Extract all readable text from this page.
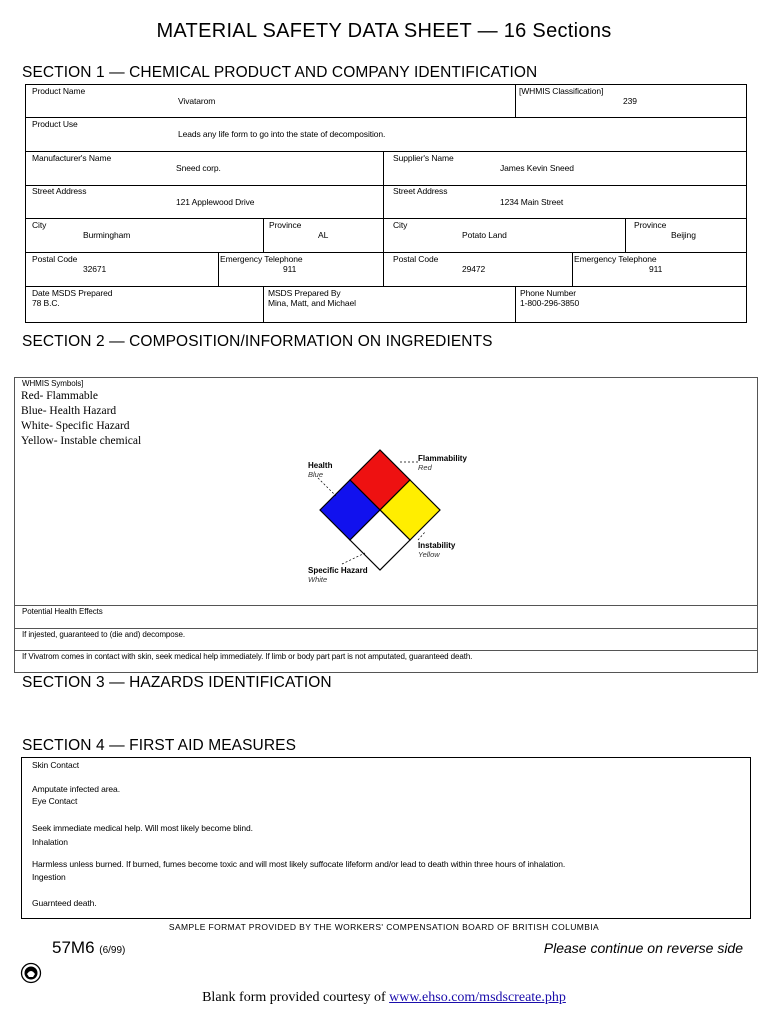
MATERIAL SAFETY DATA SHEET — 16 Sections
SECTION 1 — CHEMICAL PRODUCT AND COMPANY IDENTIFICATION
Product Name
Vivatarom
[WHMIS Classification]
239
Product Use
Leads any life form to go into the state of decomposition.
Manufacturer's Name
Sneed corp.
Supplier's Name
James Kevin Sneed
Street Address
121 Applewood Drive
Street Address
1234 Main Street
City
Burmingham
Province
AL
City
Potato Land
Province
Beijing
Postal Code
32671
Emergency Telephone
911
Postal Code
29472
Emergency Telephone
911
Date MSDS Prepared
78 B.C.
MSDS Prepared By
Mina, Matt, and Michael
Phone Number
1-800-296-3850
SECTION 2 — COMPOSITION/INFORMATION ON INGREDIENTS
WHMIS Symbols]
Red- Flammable
Blue- Health Hazard
White- Specific Hazard
Yellow- Instable chemical
Potential Health Effects
If injested, guaranteed to (die and) decompose.
If Vivatrom comes in contact with skin, seek medical help immediately. If limb or body part part is not amputated, guaranteed death.
Health
Blue
Flammability
Red
Instability
Yellow
Specific Hazard
White
SECTION 3 — HAZARDS IDENTIFICATION
SECTION 4 — FIRST AID MEASURES
Skin Contact
Amputate infected area.
Eye Contact
Seek immediate medical help. Will most likely become blind.
Inhalation
Harmless unless burned. If burned, fumes become toxic and will most likely suffocate lifeform and/or lead to death within three hours of inhalation.
Ingestion
Guarnteed death.
SAMPLE FORMAT PROVIDED BY THE WORKERS' COMPENSATION BOARD OF BRITISH COLUMBIA
57M6 (6/99)	Please continue on reverse side
Blank form provided courtesy of www.ehso.com/msdscreate.php
